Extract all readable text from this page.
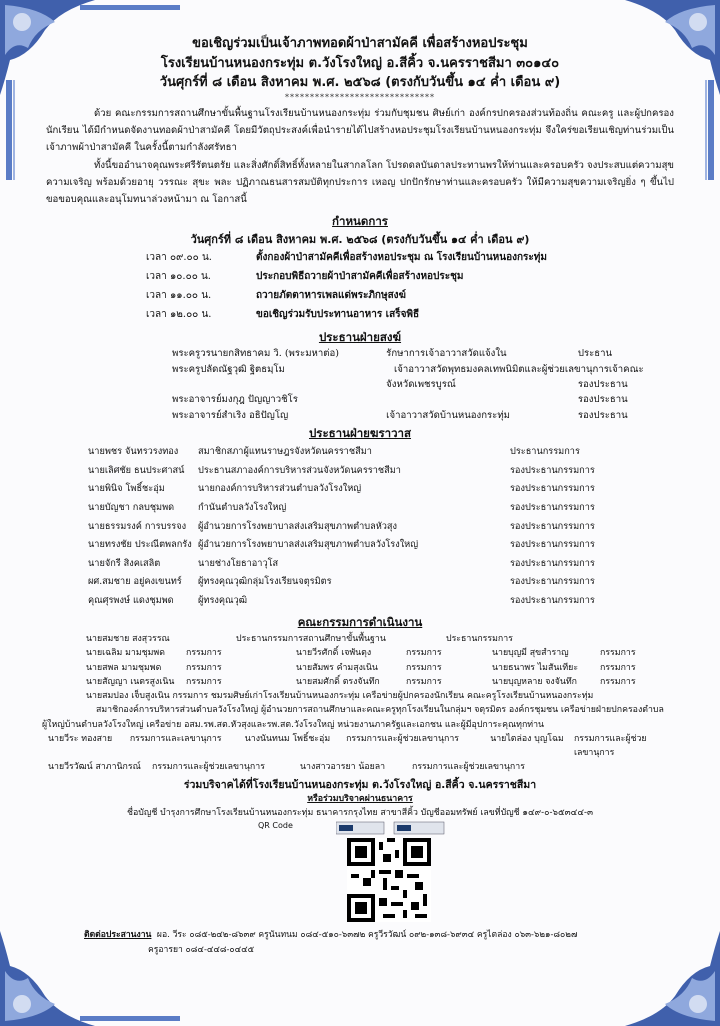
ขอเชิญร่วมเป็นเจ้าภาพทอดผ้าป่าสามัคคี เพื่อสร้างหอประชุม
โรงเรียนบ้านหนองกระทุ่ม ต.วังโรงใหญ่ อ.สีคิ้ว จ.นครราชสีมา ๓๐๑๔๐
วันศุกร์ที่ ๘ เดือน สิงหาคม พ.ศ. ๒๕๖๘ (ตรงกับวันขึ้น ๑๔ ค่ำ เดือน ๙)
******************************
ด้วย คณะกรรมการสถานศึกษาขั้นพื้นฐานโรงเรียนบ้านหนองกระทุ่ม ร่วมกับชุมชน ศิษย์เก่า องค์กรปกครองส่วนท้องถิ่น คณะครู และผู้ปกครองนักเรียน ได้มีกำหนดจัดงานทอดผ้าป่าสามัคคี โดยมีวัตถุประสงค์เพื่อนำรายได้ไปสร้างหอประชุมโรงเรียนบ้านหนองกระทุ่ม จึงใคร่ขอเรียนเชิญท่านร่วมเป็นเจ้าภาพผ้าป่าสามัคคี ในครั้งนี้ตามกำลังศรัทธา
ทั้งนี้ขออำนาจคุณพระศรีรัตนตรัย และสิ่งศักดิ์สิทธิ์ทั้งหลายในสากลโลก โปรดดลบันดาลประทานพรให้ท่านและครอบครัว จงประสบแต่ความสุขความเจริญ พร้อมด้วยอายุ วรรณะ สุขะ พละ ปฏิภาณธนสารสมบัติทุกประการ เหอญ ปกปักรักษาท่านและครอบครัว ให้มีความสุขความเจริญยิ่ง ๆ ขึ้นไป ขอขอบคุณและอนุโมทนาล่วงหน้ามา ณ โอกาสนี้
กำหนดการ
วันศุกร์ที่ ๘ เดือน สิงหาคม พ.ศ. ๒๕๖๘ (ตรงกับวันขึ้น ๑๔ ค่ำ เดือน ๙)
เวลา ๐๙.๐๐ น.	ตั้งกองผ้าป่าสามัคคีเพื่อสร้างหอประชุม ณ โรงเรียนบ้านหนองกระทุ่ม
เวลา ๑๐.๐๐ น.	ประกอบพิธีถวายผ้าป่าสามัคคีเพื่อสร้างหอประชุม
เวลา ๑๑.๐๐ น.	ถวายภัตตาหารเพลแด่พระภิกษุสงฆ์
เวลา ๑๒.๐๐ น.	ขอเชิญร่วมรับประทานอาหาร เสร็จพิธี
ประธานฝ่ายสงฆ์
พระครูวรนายกสิทธาคม วิ. (พระมหาต่อ)	รักษาการเจ้าอาวาสวัดแจ้งใน	ประธาน
พระครูปลัดณัฐวุฒิ ฐิตธมฺโม	เจ้าอาวาสวัดพุทธมงคลเทพนิมิตและผู้ช่วยเลขานุการเจ้าคณะ
จังหวัดเพชรบูรณ์	รองประธาน
พระอาจารย์มงกุฎ ปัญญาวชิโร	รองประธาน
พระอาจารย์สำเริง อธิปัญโญ	เจ้าอาวาสวัดบ้านหนองกระทุ่ม	รองประธาน
ประธานฝ่ายฆราวาส
นายพชร จันทรวรงทอง	สมาชิกสภาผู้แทนราษฎรจังหวัดนครราชสีมา	ประธานกรรมการ
นายเลิศชัย ธนประศาสน์	ประธานสภาองค์การบริหารส่วนจังหวัดนครราชสีมา	รองประธานกรรมการ
นายพินิจ โพธิ์ชะอุ่ม	นายกองค์การบริหารส่วนตำบลวังโรงใหญ่	รองประธานกรรมการ
นายบัญชา กลบชุมพด	กำนันตำบลวังโรงใหญ่	รองประธานกรรมการ
นายธรรมรงค์ การบรรจง	ผู้อำนวยการโรงพยาบาลส่งเสริมสุขภาพตำบลหัวสุง	รองประธานกรรมการ
นายทรงชัย ประณีตพลกรัง ผู้อำนวยการโรงพยาบาลส่งเสริมสุขภาพตำบลวังโรงใหญ่	รองประธานกรรมการ
นายจักรี สิงคเสลิต	นายช่างโยธาอาวุโส	รองประธานกรรมการ
ผศ.สมชาย อยู่คงเขนทร์	ผู้ทรงคุณวุฒิกลุ่มโรงเรียนจตุรมิตร	รองประธานกรรมการ
คุณศุรพงษ์ แดงชุมพด	ผู้ทรงคุณวุฒิ	รองประธานกรรมการ
คณะกรรมการดำเนินงาน
นายสมชาย สงสุวรรณ	ประธานกรรมการสถานศึกษาขั้นพื้นฐาน	ประธานกรรมการ
นายเฉลิม มามชุมพด	กรรมการ	นายวีรศักดิ์ เจพันตุง	กรรมการ	นายบุญมี สุขสำราญ	กรรมการ
นายสพล มามชุมพด	กรรมการ	นายสัมพร คำมสุงเนิน	กรรมการ	นายธนาพร ไมสันเทียะ	กรรมการ
นายสัญญา เนตรสูงเนิน	กรรมการ	นายสมศักดิ์ ตรงจันทึก	กรรมการ	นายบุญหลาย จงจันทึก	กรรมการ
นายสมปอง เจ็บสูงเนิน กรรมการ ชมรมศิษย์เก่าโรงเรียนบ้านหนองกระทุ่ม เครือข่ายผู้ปกครองนักเรียน คณะครูโรงเรียนบ้านหนองกระทุ่ม
สมาชิกองค์การบริหารส่วนตำบลวังโรงใหญ่ ผู้อำนวยการสถานศึกษาและคณะครูทุกโรงเรียนในกลุ่มฯ จตุรมิตร องค์กรชุมชน เครือข่ายฝ่ายปกครองตำบล
ผู้ใหญ่บ้านตำบลวังโรงใหญ่ เครือข่าย อสม.รพ.สต.หัวสุงและรพ.สต.วังโรงใหญ่ หน่วยงานภาครัฐและเอกชน และผู้มีอุปการะคุณทุกท่าน
นายวีระ ทองสาย	กรรมการและเลขานุการ	นางนันทนม โพธิ์ชะอุ่ม	กรรมการและผู้ช่วยเลขานุการ	นายไตล่อง บุญโฉม	กรรมการและผู้ช่วยเลขานุการ
นายวีรวัฒน์ สาภานิกรณ์	กรรมการและผู้ช่วยเลขานุการ	นางสาวอารยา น้อยลา	กรรมการและผู้ช่วยเลขานุการ
ร่วมบริจาคได้ที่โรงเรียนบ้านหนองกระทุ่ม ต.วังโรงใหญ่ อ.สีคิ้ว จ.นครราชสีมา
หรือร่วมบริจาคผ่านธนาคาร
ชื่อบัญชี บำรุงการศึกษาโรงเรียนบ้านหนองกระทุ่ม ธนาคารกรุงไทย สาขาสีคิ้ว บัญชีออมทรัพย์ เลขที่บัญชี ๑๔๙-๐-๖๕๓๔๔-๓
QR Code
ติดต่อประสานงาน ผอ. วีระ ๐๘๕-๒๔๒-๘๖๓๙ ครูนันทนม ๐๘๔-๕๑๐-๖๓๗๒ ครูวีรวัฒน์ ๐๙๒-๑๓๘-๖๙๓๔ ครูไตล่อง ๐๖๓-๖๒๑-๘๐๒๗
ครูอารยา ๐๘๔-๔๔๘-๐๔๔๕
